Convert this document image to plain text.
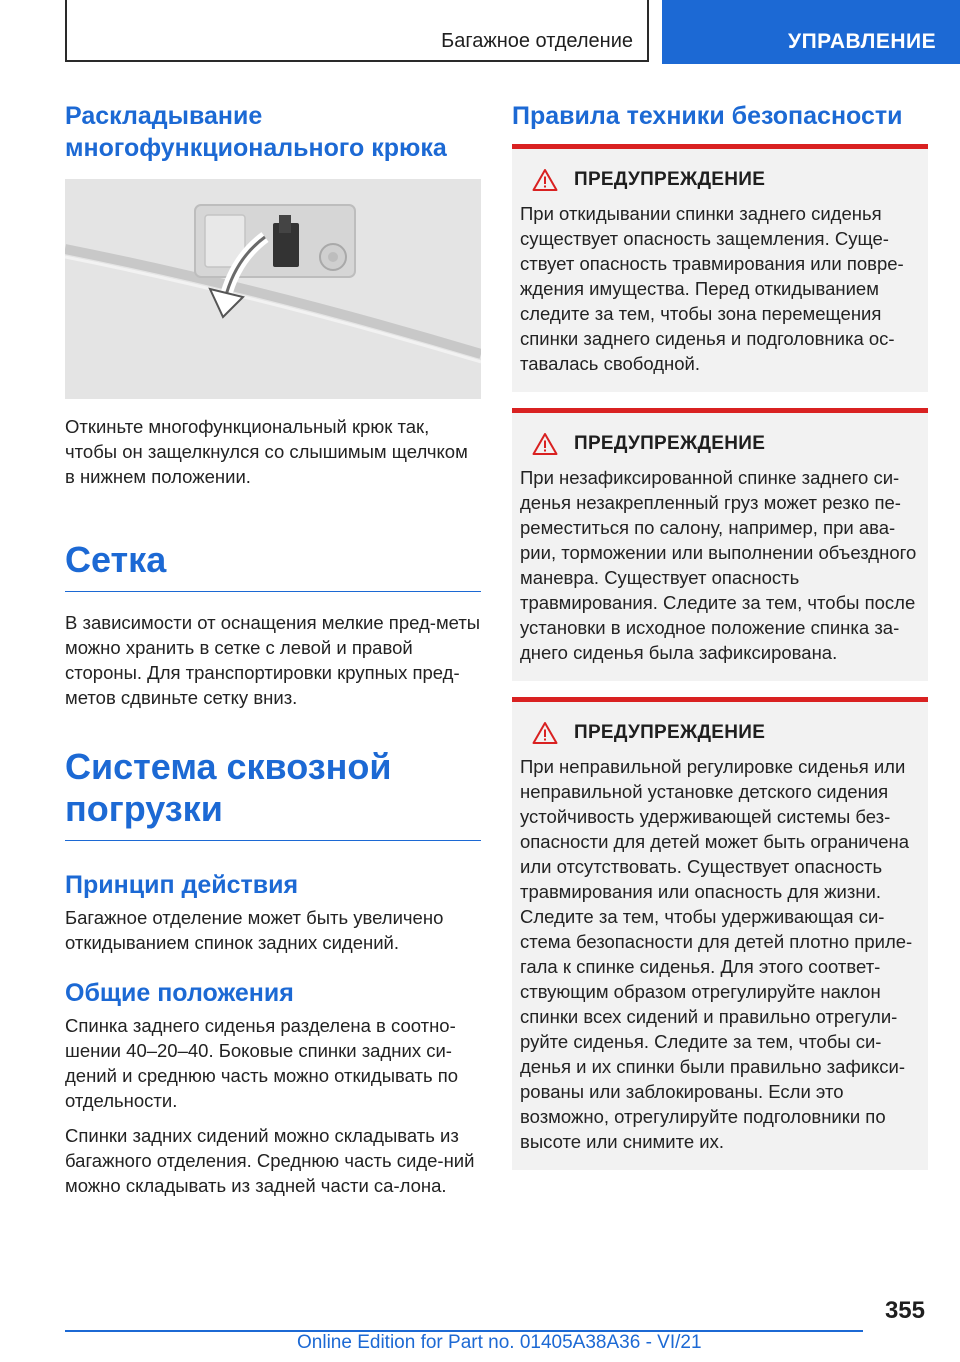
Багажное отделение	УПРАВЛЕНИЕ
Раскладывание
многофункционального крюка

Откиньте многофункциональный крюк так, чтобы он защелкнулся со слышимым щелчком в нижнем положении.

Сетка

В зависимости от оснащения мелкие пред-меты можно хранить в сетке с левой и правой стороны. Для транспортировки крупных пред-метов сдвиньте сетку вниз.

Система сквозной
погрузки
Принцип действия

Багажное отделение может быть увеличено откидыванием спинок задних сидений.

Общие положения

Спинка заднего сиденья разделена в соотно-шении 40–20–40. Боковые спинки задних си-дений и среднюю часть можно откидывать по отдельности.

Спинки задних сидений можно складывать из багажного отделения. Среднюю часть сиде-ний можно складывать из задней части са-лона.

Правила техники безопасности
ПРЕДУПРЕЖДЕНИЕ

При откидывании спинки заднего сиденья существует опасность защемления. Суще-ствует опасность травмирования или повре-ждения имущества. Перед откидыванием следите за тем, чтобы зона перемещения спинки заднего сиденья и подголовника ос-тавалась свободной.

ПРЕДУПРЕЖДЕНИЕ

При незафиксированной спинке заднего си-денья незакрепленный груз может резко пе-реместиться по салону, например, при ава-рии, торможении или выполнении объездного маневра. Существует опасность травмирования. Следите за тем, чтобы после установки в исходное положение спинка за-днего сиденья была зафиксирована.

ПРЕДУПРЕЖДЕНИЕ

При неправильной регулировке сиденья или неправильной установке детского сидения устойчивость удерживающей системы без-опасности для детей может быть ограничена или отсутствовать. Существует опасность травмирования или опасность для жизни. Следите за тем, чтобы удерживающая си-стема безопасности для детей плотно приле-гала к спинке сиденья. Для этого соответ-ствующим образом отрегулируйте наклон спинки всех сидений и правильно отрегули-руйте сиденья. Следите за тем, чтобы си-денья и их спинки были правильно зафикси-рованы или заблокированы. Если это возможно, отрегулируйте подголовники по высоте или снимите их.

355
Online Edition for Part no. 01405A38A36 - VI/21
